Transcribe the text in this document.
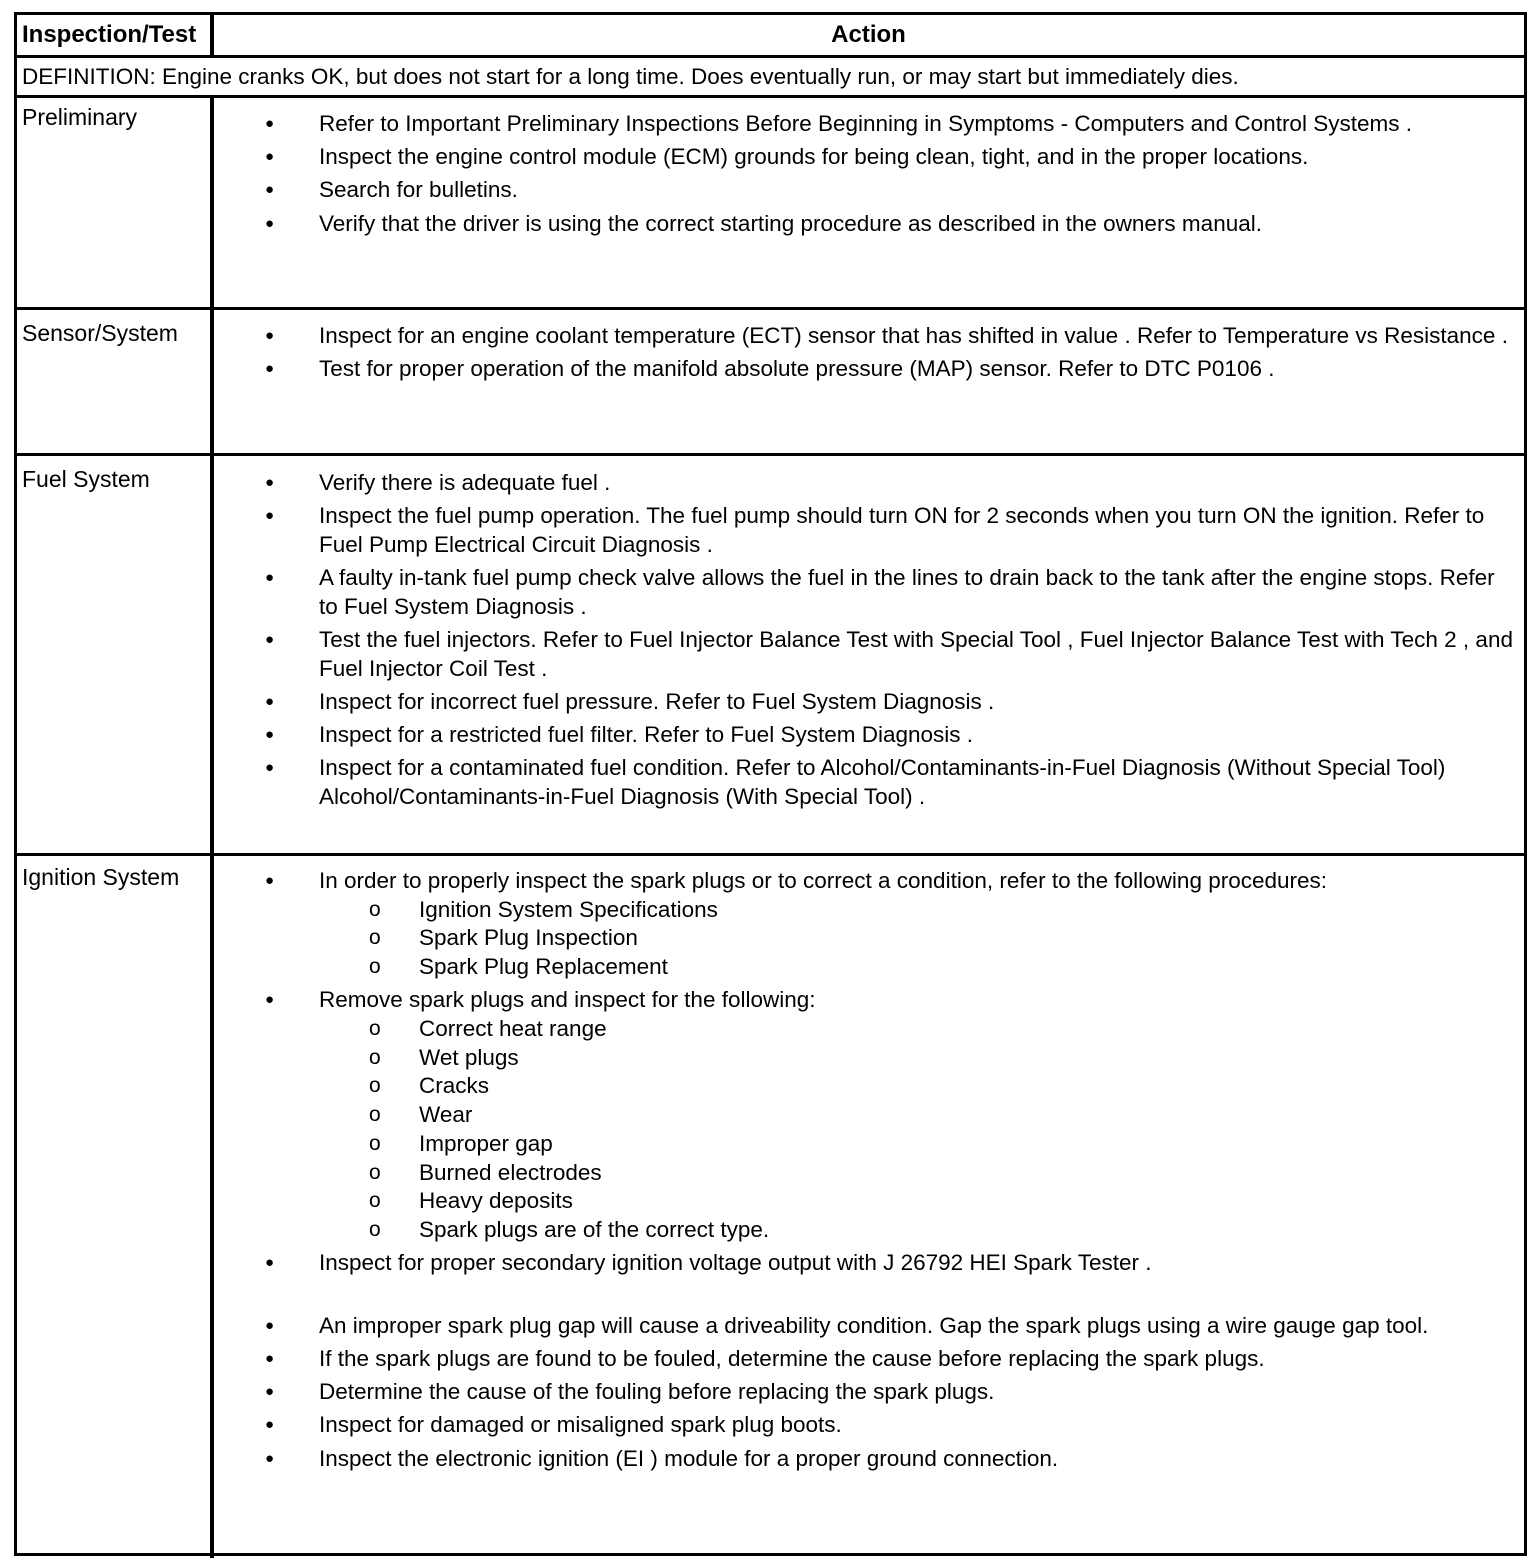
Inspection/Test	Action
DEFINITION: Engine cranks OK, but does not start for a long time. Does eventually run, or may start but immediately dies.
Preliminary	● Refer to Important Preliminary Inspections Before Beginning in Symptoms - Computers and Control Systems .
● Inspect the engine control module (ECM) grounds for being clean, tight, and in the proper locations.
● Search for bulletins.
● Verify that the driver is using the correct starting procedure as described in the owners manual.
Sensor/System	● Inspect for an engine coolant temperature (ECT) sensor that has shifted in value . Refer to Temperature vs Resistance .
● Test for proper operation of the manifold absolute pressure (MAP) sensor. Refer to DTC P0106 .
Fuel System	● Verify there is adequate fuel .
● Inspect the fuel pump operation. The fuel pump should turn ON for 2 seconds when you turn ON the ignition. Refer to Fuel Pump Electrical Circuit Diagnosis .
● A faulty in-tank fuel pump check valve allows the fuel in the lines to drain back to the tank after the engine stops. Refer to Fuel System Diagnosis .
● Test the fuel injectors. Refer to Fuel Injector Balance Test with Special Tool , Fuel Injector Balance Test with Tech 2 , and Fuel Injector Coil Test .
● Inspect for incorrect fuel pressure. Refer to Fuel System Diagnosis .
● Inspect for a restricted fuel filter. Refer to Fuel System Diagnosis .
● Inspect for a contaminated fuel condition. Refer to Alcohol/Contaminants-in-Fuel Diagnosis (Without Special Tool) Alcohol/Contaminants-in-Fuel Diagnosis (With Special Tool) .
Ignition System	● In order to properly inspect the spark plugs or to correct a condition, refer to the following procedures:
o Ignition System Specifications
o Spark Plug Inspection
o Spark Plug Replacement
● Remove spark plugs and inspect for the following:
o Correct heat range
o Wet plugs
o Cracks
o Wear
o Improper gap
o Burned electrodes
o Heavy deposits
o Spark plugs are of the correct type.
● Inspect for proper secondary ignition voltage output with J 26792 HEI Spark Tester .
● An improper spark plug gap will cause a driveability condition. Gap the spark plugs using a wire gauge gap tool.
● If the spark plugs are found to be fouled, determine the cause before replacing the spark plugs.
● Determine the cause of the fouling before replacing the spark plugs.
● Inspect for damaged or misaligned spark plug boots.
● Inspect the electronic ignition (EI ) module for a proper ground connection.
